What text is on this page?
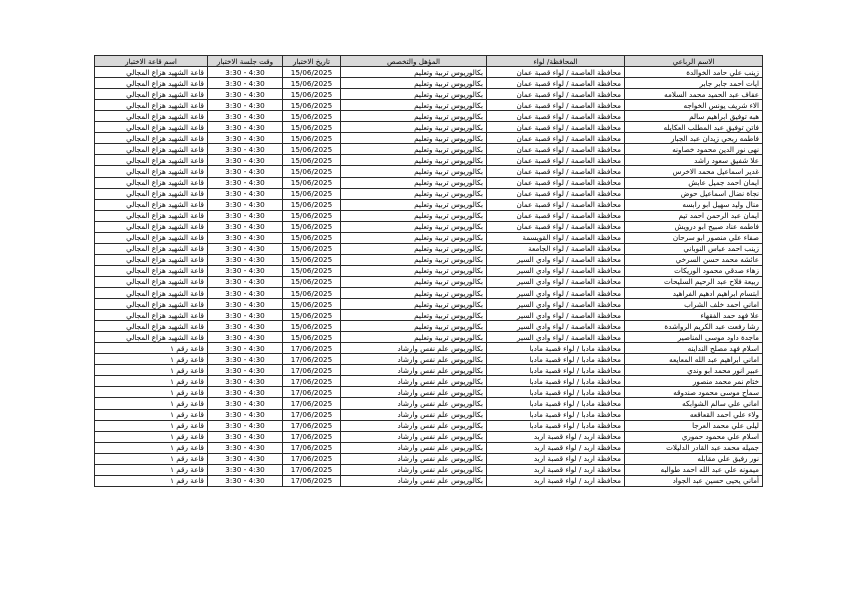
الاسم الرباعي	المحافظة/ لواء	المؤهل والتخصص	تاريخ الاختبار	وقت جلسة الاختبار	اسم قاعة الاختبار
زينب علي حامد الخوالدة	محافظة العاصمة / لواء قصبة عمان	بكالوريوس تربية وتعليم	15/06/2025	3:30 - 4:30	قاعة الشهيد هزاع المجالي
ايات احمد جابر جابر	محافظة العاصمة / لواء قصبة عمان	بكالوريوس تربية وتعليم	15/06/2025	3:30 - 4:30	قاعة الشهيد هزاع المجالي
عفاف عبد الحميد محمد السلامه	محافظة العاصمة / لواء قصبة عمان	بكالوريوس تربية وتعليم	15/06/2025	3:30 - 4:30	قاعة الشهيد هزاع المجالي
الاء شريف يونس الخواجه	محافظة العاصمة / لواء قصبة عمان	بكالوريوس تربية وتعليم	15/06/2025	3:30 - 4:30	قاعة الشهيد هزاع المجالي
هبه توفيق ابراهيم سالم	محافظة العاصمة / لواء قصبة عمان	بكالوريوس تربية وتعليم	15/06/2025	3:30 - 4:30	قاعة الشهيد هزاع المجالي
فاتن توفيق عبد المطلب العكايله	محافظة العاصمة / لواء قصبة عمان	بكالوريوس تربية وتعليم	15/06/2025	3:30 - 4:30	قاعة الشهيد هزاع المجالي
فاطمه ربحي زيدان عبد الجبار	محافظة العاصمة / لواء قصبة عمان	بكالوريوس تربية وتعليم	15/06/2025	3:30 - 4:30	قاعة الشهيد هزاع المجالي
نهى نور الدين محمود خصاونه	محافظة العاصمة / لواء قصبة عمان	بكالوريوس تربية وتعليم	15/06/2025	3:30 - 4:30	قاعة الشهيد هزاع المجالي
علا شفيق سعود راشد	محافظة العاصمة / لواء قصبة عمان	بكالوريوس تربية وتعليم	15/06/2025	3:30 - 4:30	قاعة الشهيد هزاع المجالي
غدير اسماعيل محمد الاخرس	محافظة العاصمة / لواء قصبة عمان	بكالوريوس تربية وتعليم	15/06/2025	3:30 - 4:30	قاعة الشهيد هزاع المجالي
ايمان احمد جميل عابش	محافظة العاصمة / لواء قصبة عمان	بكالوريوس تربية وتعليم	15/06/2025	3:30 - 4:30	قاعة الشهيد هزاع المجالي
نجاة نضال اسماعيل حوض	محافظة العاصمة / لواء قصبة عمان	بكالوريوس تربية وتعليم	15/06/2025	3:30 - 4:30	قاعة الشهيد هزاع المجالي
منال وليد سهيل ابو رابسه	محافظة العاصمة / لواء قصبة عمان	بكالوريوس تربية وتعليم	15/06/2025	3:30 - 4:30	قاعة الشهيد هزاع المجالي
ايمان عبد الرحمن احمد تيم	محافظة العاصمة / لواء قصبة عمان	بكالوريوس تربية وتعليم	15/06/2025	3:30 - 4:30	قاعة الشهيد هزاع المجالي
فاطمه عناد صبيح ابو درويش	محافظة العاصمة / لواء قصبة عمان	بكالوريوس تربية وتعليم	15/06/2025	3:30 - 4:30	قاعة الشهيد هزاع المجالي
صفاء علي منصور ابو سرحان	محافظة العاصمة / لواء القويسمة	بكالوريوس تربية وتعليم	15/06/2025	3:30 - 4:30	قاعة الشهيد هزاع المجالي
زينب احمد عباس النوباني	محافظة العاصمة / لواء الجامعة	بكالوريوس تربية وتعليم	15/06/2025	3:30 - 4:30	قاعة الشهيد هزاع المجالي
عائشه محمد حسن السرخي	محافظة العاصمة / لواء وادي السير	بكالوريوس تربية وتعليم	15/06/2025	3:30 - 4:30	قاعة الشهيد هزاع المجالي
زهاء صدقي محمود الوريكات	محافظة العاصمة / لواء وادي السير	بكالوريوس تربية وتعليم	15/06/2025	3:30 - 4:30	قاعة الشهيد هزاع المجالي
ربيعة فلاح عبد الرحيم السليحات	محافظة العاصمة / لواء وادي السير	بكالوريوس تربية وتعليم	15/06/2025	3:30 - 4:30	قاعة الشهيد هزاع المجالي
ابتسام ابراهيم ادهيم الفراهيد	محافظة العاصمة / لواء وادي السير	بكالوريوس تربية وتعليم	15/06/2025	3:30 - 4:30	قاعة الشهيد هزاع المجالي
اماني احمد خلف الشراب	محافظة العاصمة / لواء وادي السير	بكالوريوس تربية وتعليم	15/06/2025	3:30 - 4:30	قاعة الشهيد هزاع المجالي
علا فهد حمد الفقهاء	محافظة العاصمة / لواء وادي السير	بكالوريوس تربية وتعليم	15/06/2025	3:30 - 4:30	قاعة الشهيد هزاع المجالي
رشا رفعت عبد الكريم الرواشدة	محافظة العاصمة / لواء وادي السير	بكالوريوس تربية وتعليم	15/06/2025	3:30 - 4:30	قاعة الشهيد هزاع المجالي
ماجدة داود موسى المناصير	محافظة العاصمة / لواء وادي السير	بكالوريوس تربية وتعليم	15/06/2025	3:30 - 4:30	قاعة الشهيد هزاع المجالي
اسلام فهد مصلح النداينه	محافظة مادبا / لواء قصبة مادبا	بكالوريوس علم نفس وارشاد	17/06/2025	3:30 - 4:30	قاعة رقم ١
اماني ابراهيم عبد الله المعايعه	محافظة مادبا / لواء قصبة مادبا	بكالوريوس علم نفس وارشاد	17/06/2025	3:30 - 4:30	قاعة رقم ١
عبير انور محمد ابو وندي	محافظة مادبا / لواء قصبة مادبا	بكالوريوس علم نفس وارشاد	17/06/2025	3:30 - 4:30	قاعة رقم ١
ختام نمر محمد منصور	محافظة مادبا / لواء قصبة مادبا	بكالوريوس علم نفس وارشاد	17/06/2025	3:30 - 4:30	قاعة رقم ١
سماح موسى محمود صندوقه	محافظة مادبا / لواء قصبة مادبا	بكالوريوس علم نفس وارشاد	17/06/2025	3:30 - 4:30	قاعة رقم ١
اماني علي سالم الشوابكه	محافظة مادبا / لواء قصبة مادبا	بكالوريوس علم نفس وارشاد	17/06/2025	3:30 - 4:30	قاعة رقم ١
ولاء علي احمد القعاقعه	محافظة مادبا / لواء قصبة مادبا	بكالوريوس علم نفس وارشاد	17/06/2025	3:30 - 4:30	قاعة رقم ١
ليلى علي محمد العرجا	محافظة مادبا / لواء قصبة مادبا	بكالوريوس علم نفس وارشاد	17/06/2025	3:30 - 4:30	قاعة رقم ١
اسلام علي محمود حموري	محافظة اربد / لواء قصبة اربد	بكالوريوس علم نفس وارشاد	17/06/2025	3:30 - 4:30	قاعة رقم ١
جميله محمد عبد القادر الدليلات	محافظة اربد / لواء قصبة اربد	بكالوريوس علم نفس وارشاد	17/06/2025	3:30 - 4:30	قاعة رقم ١
نور رفيق علي مقابله	محافظة اربد / لواء قصبة اربد	بكالوريوس علم نفس وارشاد	17/06/2025	3:30 - 4:30	قاعة رقم ١
ميمونه علي عبد الله احمد طوالبه	محافظة اربد / لواء قصبة اربد	بكالوريوس علم نفس وارشاد	17/06/2025	3:30 - 4:30	قاعة رقم ١
أماني يحيى حسين عبد الجواد	محافظة اربد / لواء قصبة اربد	بكالوريوس علم نفس وارشاد	17/06/2025	3:30 - 4:30	قاعة رقم ١
